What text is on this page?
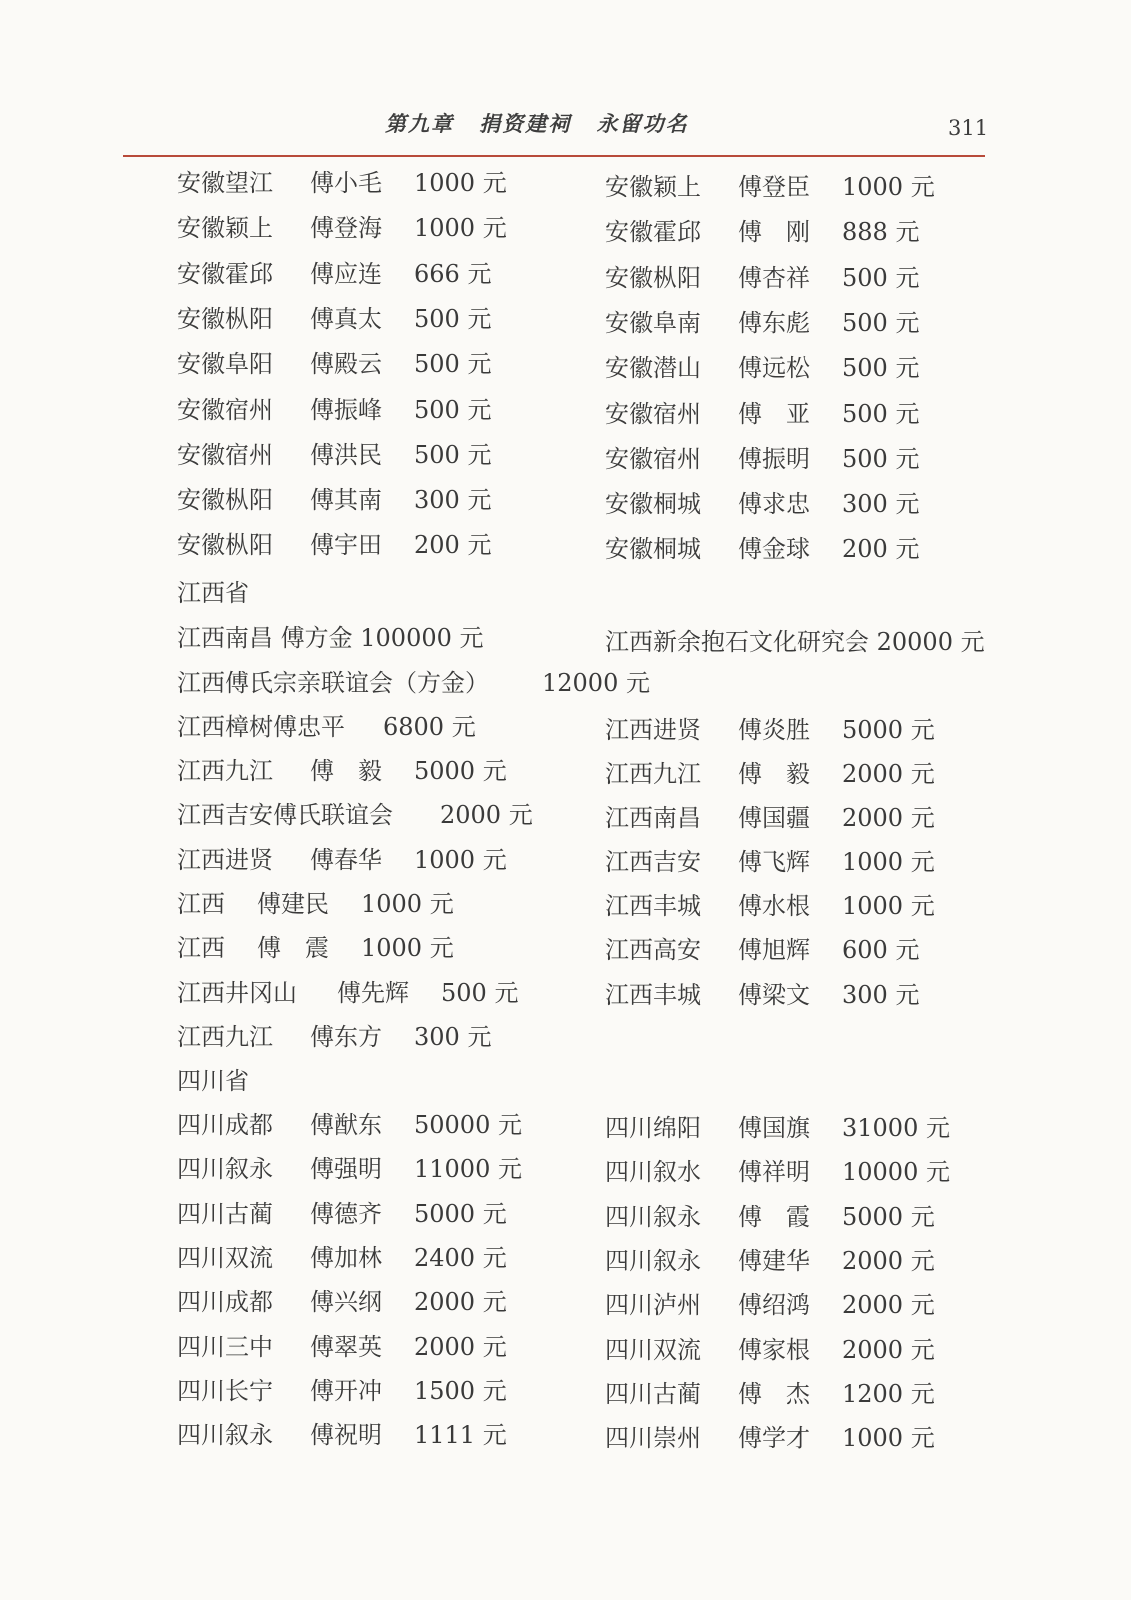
第九章 捐资建祠 永留功名	311
安徽望江 傅小毛 1000 元	安徽颖上 傅登臣 1000 元
安徽颖上 傅登海 1000 元	安徽霍邱 傅　刚 888 元
安徽霍邱 傅应连 666 元	安徽枞阳 傅杏祥 500 元
安徽枞阳 傅真太 500 元	安徽阜南 傅东彪 500 元
安徽阜阳 傅殿云 500 元	安徽潜山 傅远松 500 元
安徽宿州 傅振峰 500 元	安徽宿州 傅　亚 500 元
安徽宿州 傅洪民 500 元	安徽宿州 傅振明 500 元
安徽枞阳 傅其南 300 元	安徽桐城 傅求忠 300 元
安徽枞阳 傅宇田 200 元	安徽桐城 傅金球 200 元
江西省
江西南昌 傅方金 100000 元	江西新余抱石文化研究会 20000 元
江西傅氏宗亲联谊会（方金） 12000 元
江西樟树傅忠平 6800 元	江西进贤 傅炎胜 5000 元
江西九江 傅　毅 5000 元	江西九江 傅　毅 2000 元
江西吉安傅氏联谊会 2000 元	江西南昌 傅国疆 2000 元
江西进贤 傅春华 1000 元	江西吉安 傅飞辉 1000 元
江西 傅建民 1000 元	江西丰城 傅水根 1000 元
江西 傅　震 1000 元	江西高安 傅旭辉 600 元
江西井冈山 傅先辉 500 元	江西丰城 傅梁文 300 元
江西九江 傅东方 300 元
四川省
四川成都 傅猷东 50000 元	四川绵阳 傅国旗 31000 元
四川叙永 傅强明 11000 元	四川叙水 傅祥明 10000 元
四川古蔺 傅德齐 5000 元	四川叙永 傅　霞 5000 元
四川双流 傅加林 2400 元	四川叙永 傅建华 2000 元
四川成都 傅兴纲 2000 元	四川泸州 傅绍鸿 2000 元
四川三中 傅翠英 2000 元	四川双流 傅家根 2000 元
四川长宁 傅开冲 1500 元	四川古蔺 傅　杰 1200 元
四川叙永 傅祝明 1111 元	四川崇州 傅学才 1000 元
